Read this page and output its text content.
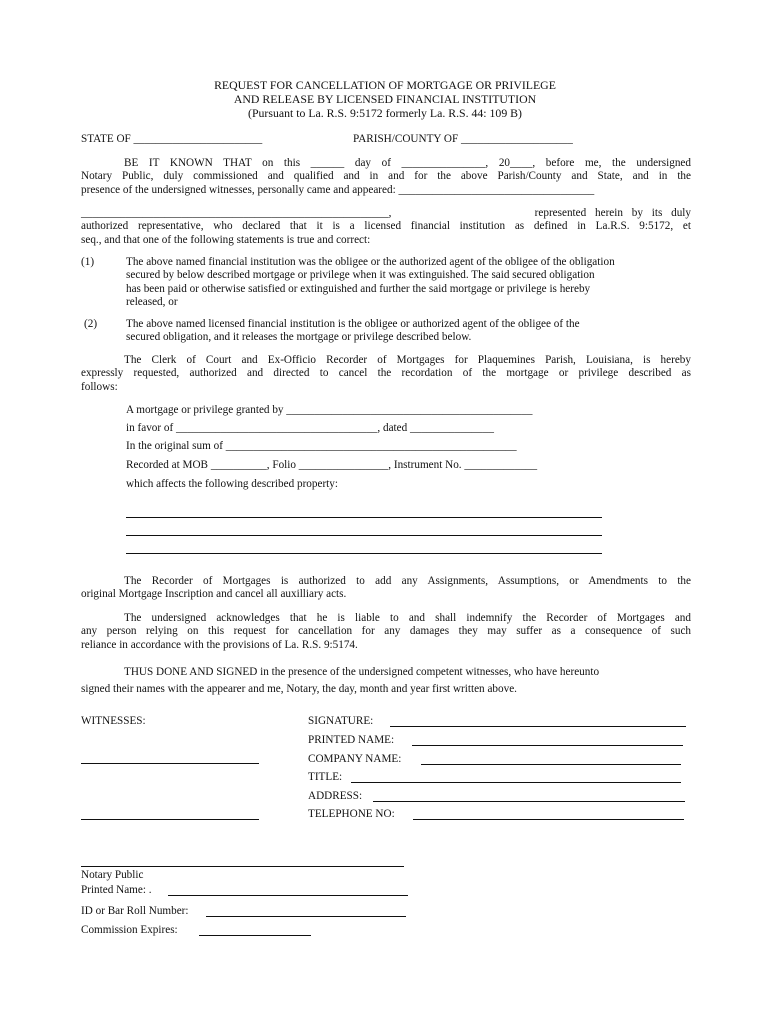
REQUEST FOR CANCELLATION OF MORTGAGE OR PRIVILEGE
AND RELEASE BY LICENSED FINANCIAL INSTITUTION
(Pursuant to La. R.S. 9:5172 formerly La. R.S. 44: 109 B)
STATE OF _______________________	PARISH/COUNTY OF ____________________
BE IT KNOWN THAT on this ______ day of _______________, 20____, before me, the undersigned
Notary Public, duly commissioned and qualified and in and for the above Parish/County and State, and in the
presence of the undersigned witnesses, personally came and appeared: ___________________________________
_______________________________________________________,	represented herein by its duly
authorized representative, who declared that it is a licensed financial institution as defined in La.R.S. 9:5172, et
seq., and that one of the following statements is true and correct:
(1)	The above named financial institution was the obligee or the authorized agent of the obligee of the obligation
secured by below described mortgage or privilege when it was extinguished. The said secured obligation
has been paid or otherwise satisfied or extinguished and further the said mortgage or privilege is hereby
released, or
(2)	The above named licensed financial institution is the obligee or authorized agent of the obligee of the
secured obligation, and it releases the mortgage or privilege described below.
The Clerk of Court and Ex-Officio Recorder of Mortgages for Plaquemines Parish, Louisiana, is hereby
expressly requested, authorized and directed to cancel the recordation of the mortgage or privilege described as
follows:
A mortgage or privilege granted by ____________________________________________
in favor of ____________________________________, dated _______________
In the original sum of ____________________________________________________
Recorded at MOB __________, Folio ________________, Instrument No. _____________
which affects the following described property:
The Recorder of Mortgages is authorized to add any Assignments, Assumptions, or Amendments to the
original Mortgage Inscription and cancel all auxilliary acts.
The undersigned acknowledges that he is liable to and shall indemnify the Recorder of Mortgages and
any person relying on this request for cancellation for any damages they may suffer as a consequence of such
reliance in accordance with the provisions of La. R.S. 9:5174.
THUS DONE AND SIGNED in the presence of the undersigned competent witnesses, who have hereunto
signed their names with the appearer and me, Notary, the day, month and year first written above.
WITNESSES:	SIGNATURE:
PRINTED NAME:
COMPANY NAME:
TITLE:
ADDRESS:
TELEPHONE NO:
Notary Public
Printed Name: .
ID or Bar Roll Number:
Commission Expires:
